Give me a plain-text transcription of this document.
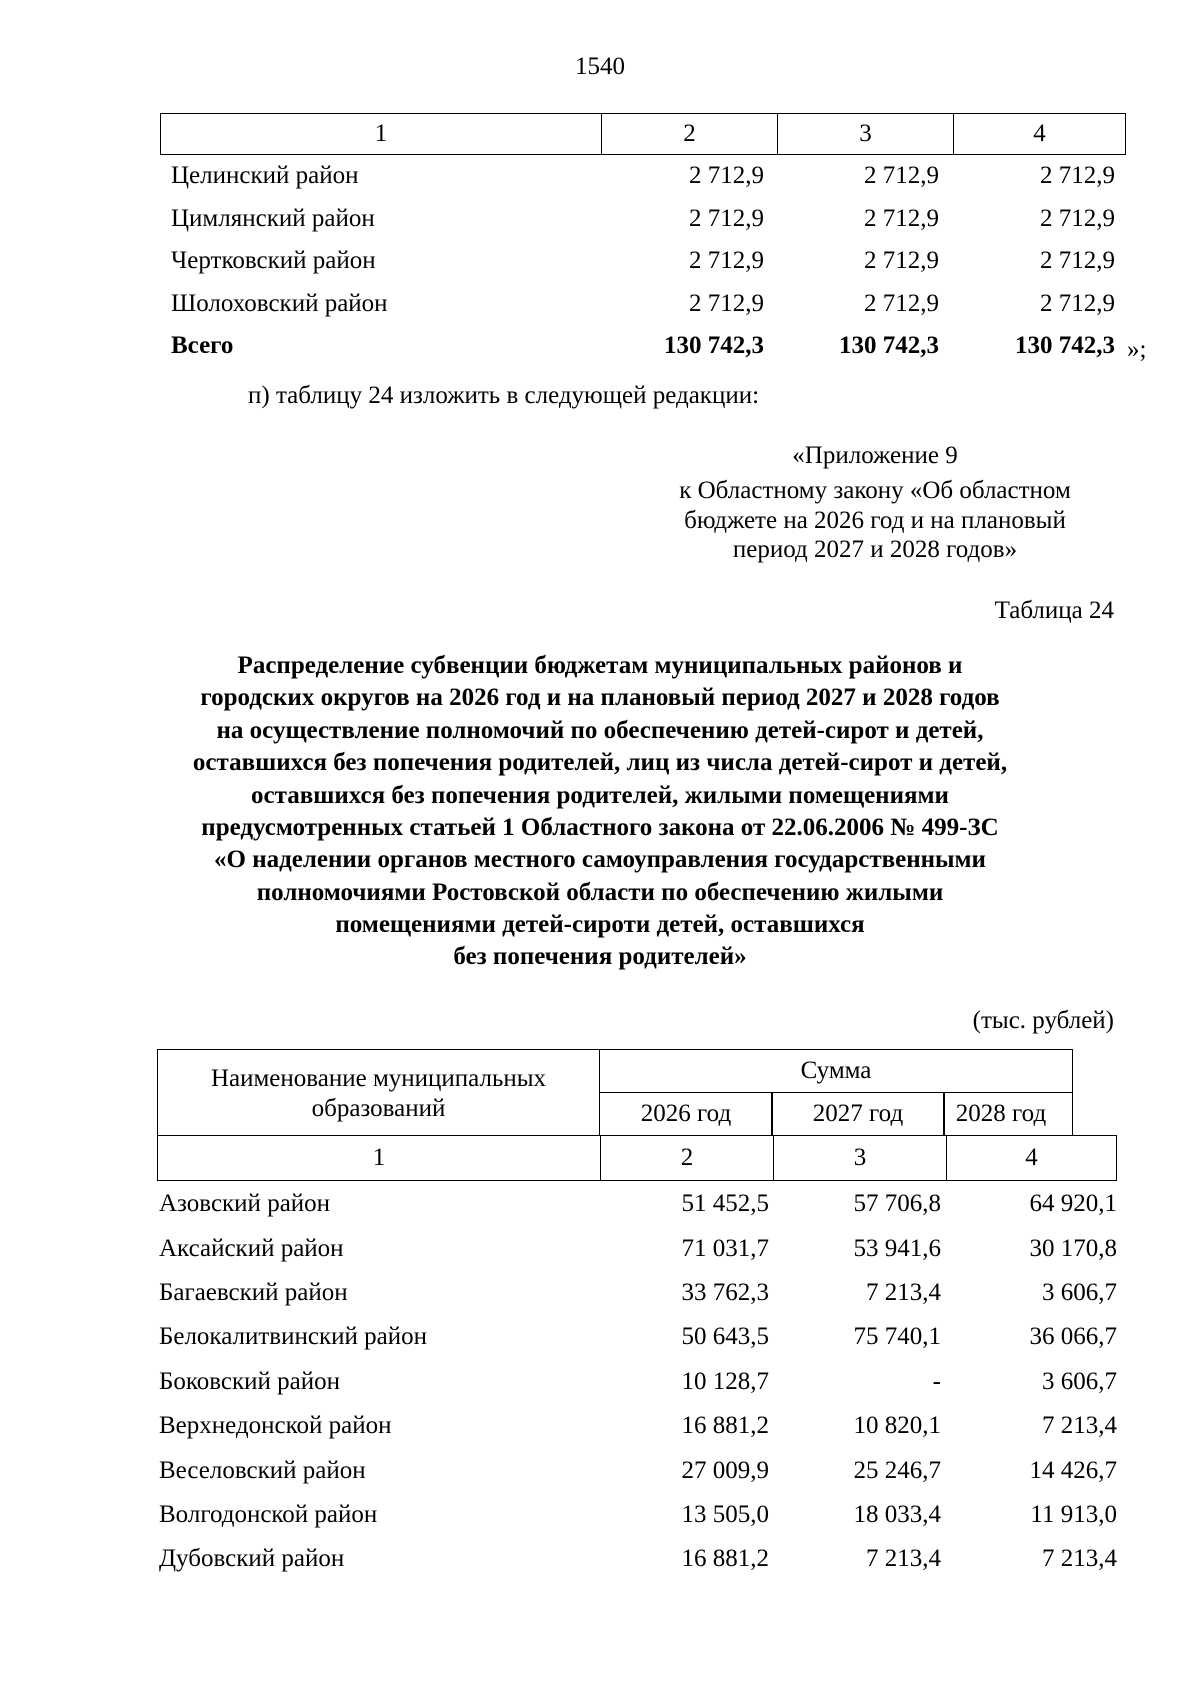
1540
1	2	3	4
Целинский район	2 712,9	2 712,9	2 712,9
Цимлянский район	2 712,9	2 712,9	2 712,9
Чертковский район	2 712,9	2 712,9	2 712,9
Шолоховский район	2 712,9	2 712,9	2 712,9
Всего	130 742,3	130 742,3	130 742,3 »;
п) таблицу 24 изложить в следующей редакции:
«Приложение 9
к Областному закону «Об областном
бюджете на 2026 год и на плановый
период 2027 и 2028 годов»
Таблица 24
Распределение субвенции бюджетам муниципальных районов и
городских округов на 2026 год и на плановый период 2027 и 2028 годов
на осуществление полномочий по обеспечению детей-сирот и детей,
оставшихся без попечения родителей, лиц из числа детей-сирот и детей,
оставшихся без попечения родителей, жилыми помещениями
предусмотренных статьей 1 Областного закона от 22.06.2006 № 499-ЗС
«О наделении органов местного самоуправления государственными
полномочиями Ростовской области по обеспечению жилыми
помещениями детей-сироти детей, оставшихся
без попечения родителей»
(тыс. рублей)
Наименование муниципальных
образований
Сумма
2026 год	2027 год	2028 год
1	2	3	4
Азовский район	51 452,5	57 706,8	64 920,1
Аксайский район	71 031,7	53 941,6	30 170,8
Багаевский район	33 762,3	7 213,4	3 606,7
Белокалитвинский район	50 643,5	75 740,1	36 066,7
Боковский район	10 128,7	-	3 606,7
Верхнедонской район	16 881,2	10 820,1	7 213,4
Веселовский район	27 009,9	25 246,7	14 426,7
Волгодонской район	13 505,0	18 033,4	11 913,0
Дубовский район	16 881,2	7 213,4	7 213,4
